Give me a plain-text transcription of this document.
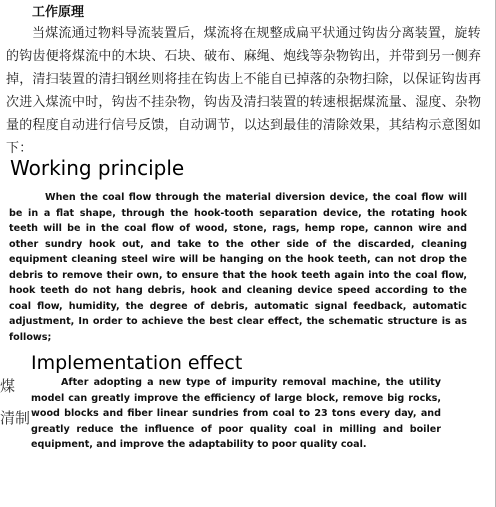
工作原理

当煤流通过物料导流装置后，煤流将在规整成扁平状通过钩齿分离装置，旋转的钩齿便将煤流中的木块、石块、破布、麻绳、炮线等杂物钩出，并带到另一侧弃掉，清扫装置的清扫钢丝则将挂在钩齿上不能自已掉落的杂物扫除，以保证钩齿再次进入煤流中时，钩齿不挂杂物，钩齿及清扫装置的转速根据煤流量、湿度、杂物量的程度自动进行信号反馈，自动调节，以达到最佳的清除效果，其结构示意图如下：

Working principle

When the coal flow through the material diversion device, the coal flow will be in a flat shape, through the hook-tooth separation device, the rotating hook teeth will be in the coal flow of wood, stone, rags, hemp rope, cannon wire and other sundry hook out, and take to the other side of the discarded, cleaning equipment cleaning steel wire will be hanging on the hook teeth, can not drop the debris to remove their own, to ensure that the hook teeth again into the coal flow, hook teeth do not hang debris, hook and cleaning device speed according to the coal flow, humidity, the degree of debris, automatic signal feedback, automatic adjustment, In order to achieve the best clear effect, the schematic structure is as follows;

煤
清制
Implementation effect

After adopting a new type of impurity removal machine, the utility model can greatly improve the efficiency of large block, remove big rocks, wood blocks and fiber linear sundries from coal to 23 tons every day, and greatly reduce the influence of poor quality coal in milling and boiler equipment, and improve the adaptability to poor quality coal.
